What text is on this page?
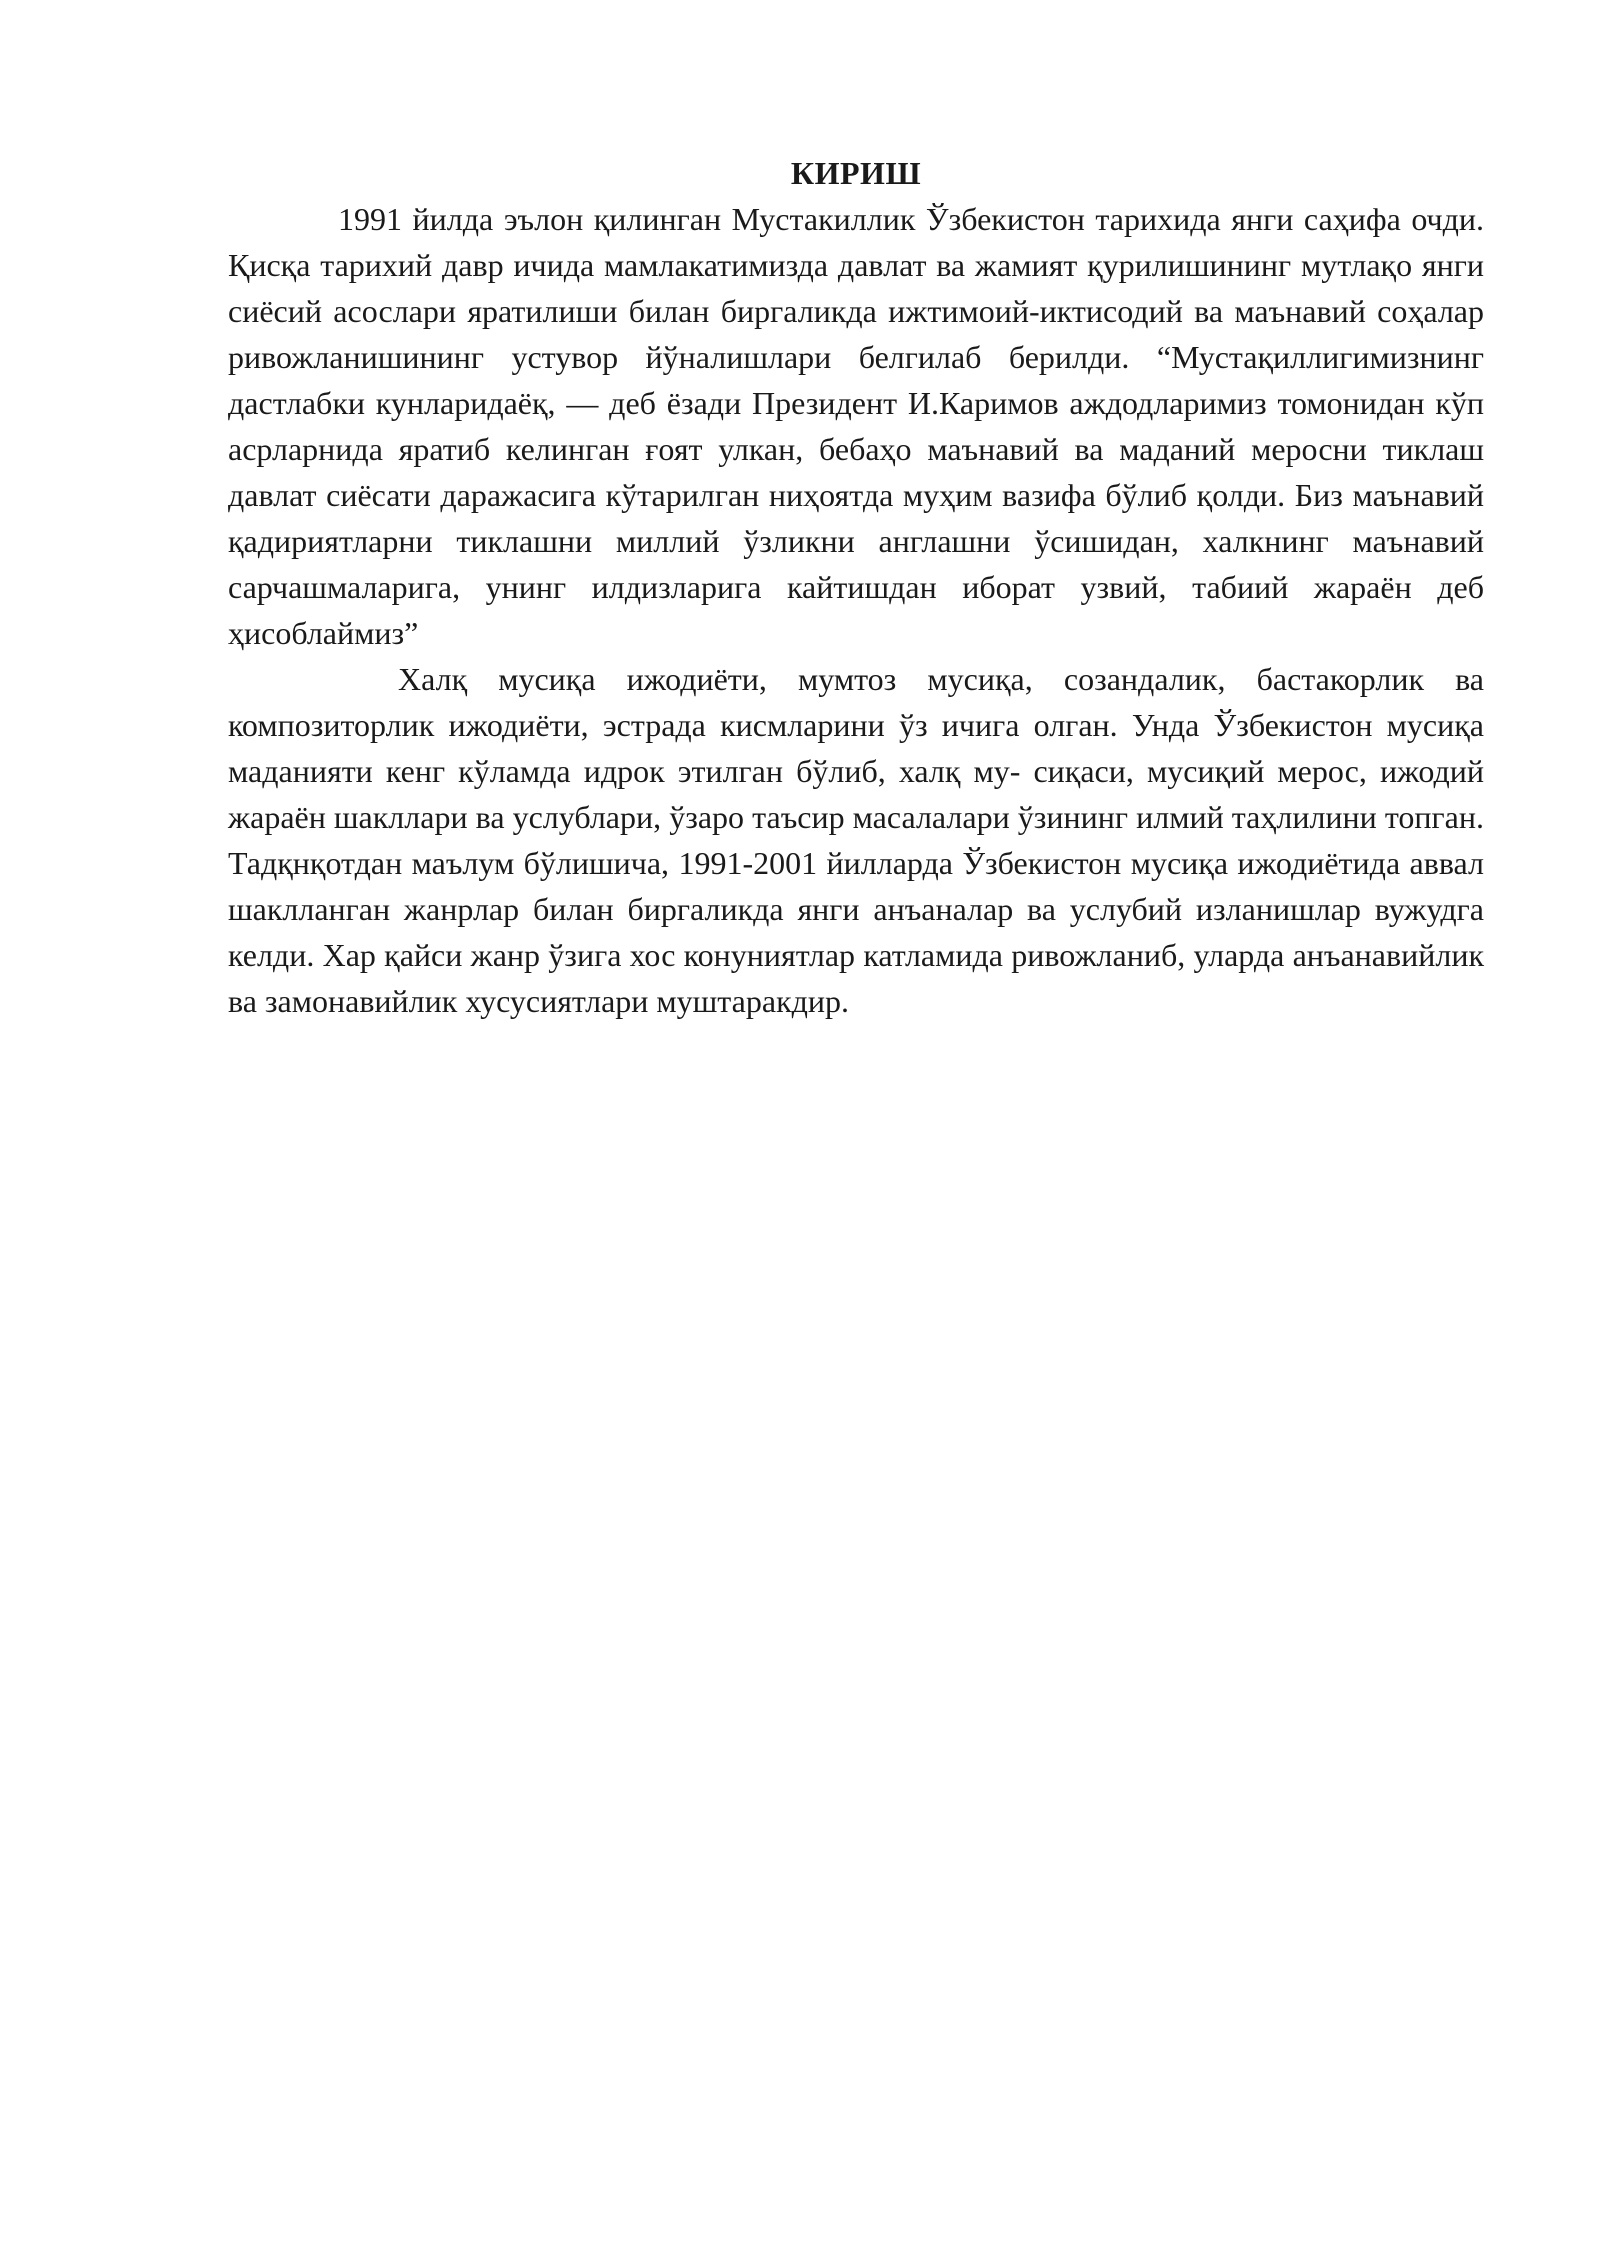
КИРИШ

1991 йилда эълон қилинган Мустакиллик Ўзбекистон тарихида янги саҳифа очди. Қисқа тарихий давр ичида мамлакатимизда давлат ва жамият қурилишининг мутлақо янги сиёсий асослари яратилиши билан биргаликда ижтимоий-иктисодий ва маънавий соҳалар ривожланишининг устувор йўналишлари белгилаб берилди. “Мустақиллигимизнинг дастлабки кунларидаёқ, — деб ёзади Президент И.Каримов аждодларимиз томонидан кўп асрларнида яратиб келинган ғоят улкан, бебаҳо маънавий ва маданий меросни тиклаш давлат сиёсати даражасига кўтарилган ниҳоятда муҳим вазифа бўлиб қолди. Биз маънавий қадириятларни тиклашни миллий ўзликни англашни ўсишидан, халкнинг маънавий сарчашмаларига, унинг илдизларига кайтишдан иборат узвий, табиий жараён деб ҳисоблаймиз”

Халқ мусиқа ижодиёти, мумтоз мусиқа, созандалик, бастакорлик ва композиторлик ижодиёти, эстрада кисмларини ўз ичига олган. Унда Ўзбекистон мусиқа маданияти кенг кўламда идрок этилган бўлиб, халқ му- сиқаси, мусиқий мерос, ижодий жараён шакллари ва услублари, ўзаро таъсир масалалари ўзининг илмий таҳлилини топган. Тадқнқотдан маълум бўлишича, 1991-2001 йилларда Ўзбекистон мусиқа ижодиётида аввал шаклланган жанрлар билан биргаликда янги анъаналар ва услубий изланишлар вужудга келди. Хар қайси жанр ўзига хос конуниятлар катламида ривожланиб, уларда анъанавийлик ва замонавийлик хусусиятлари муштаракдир.
